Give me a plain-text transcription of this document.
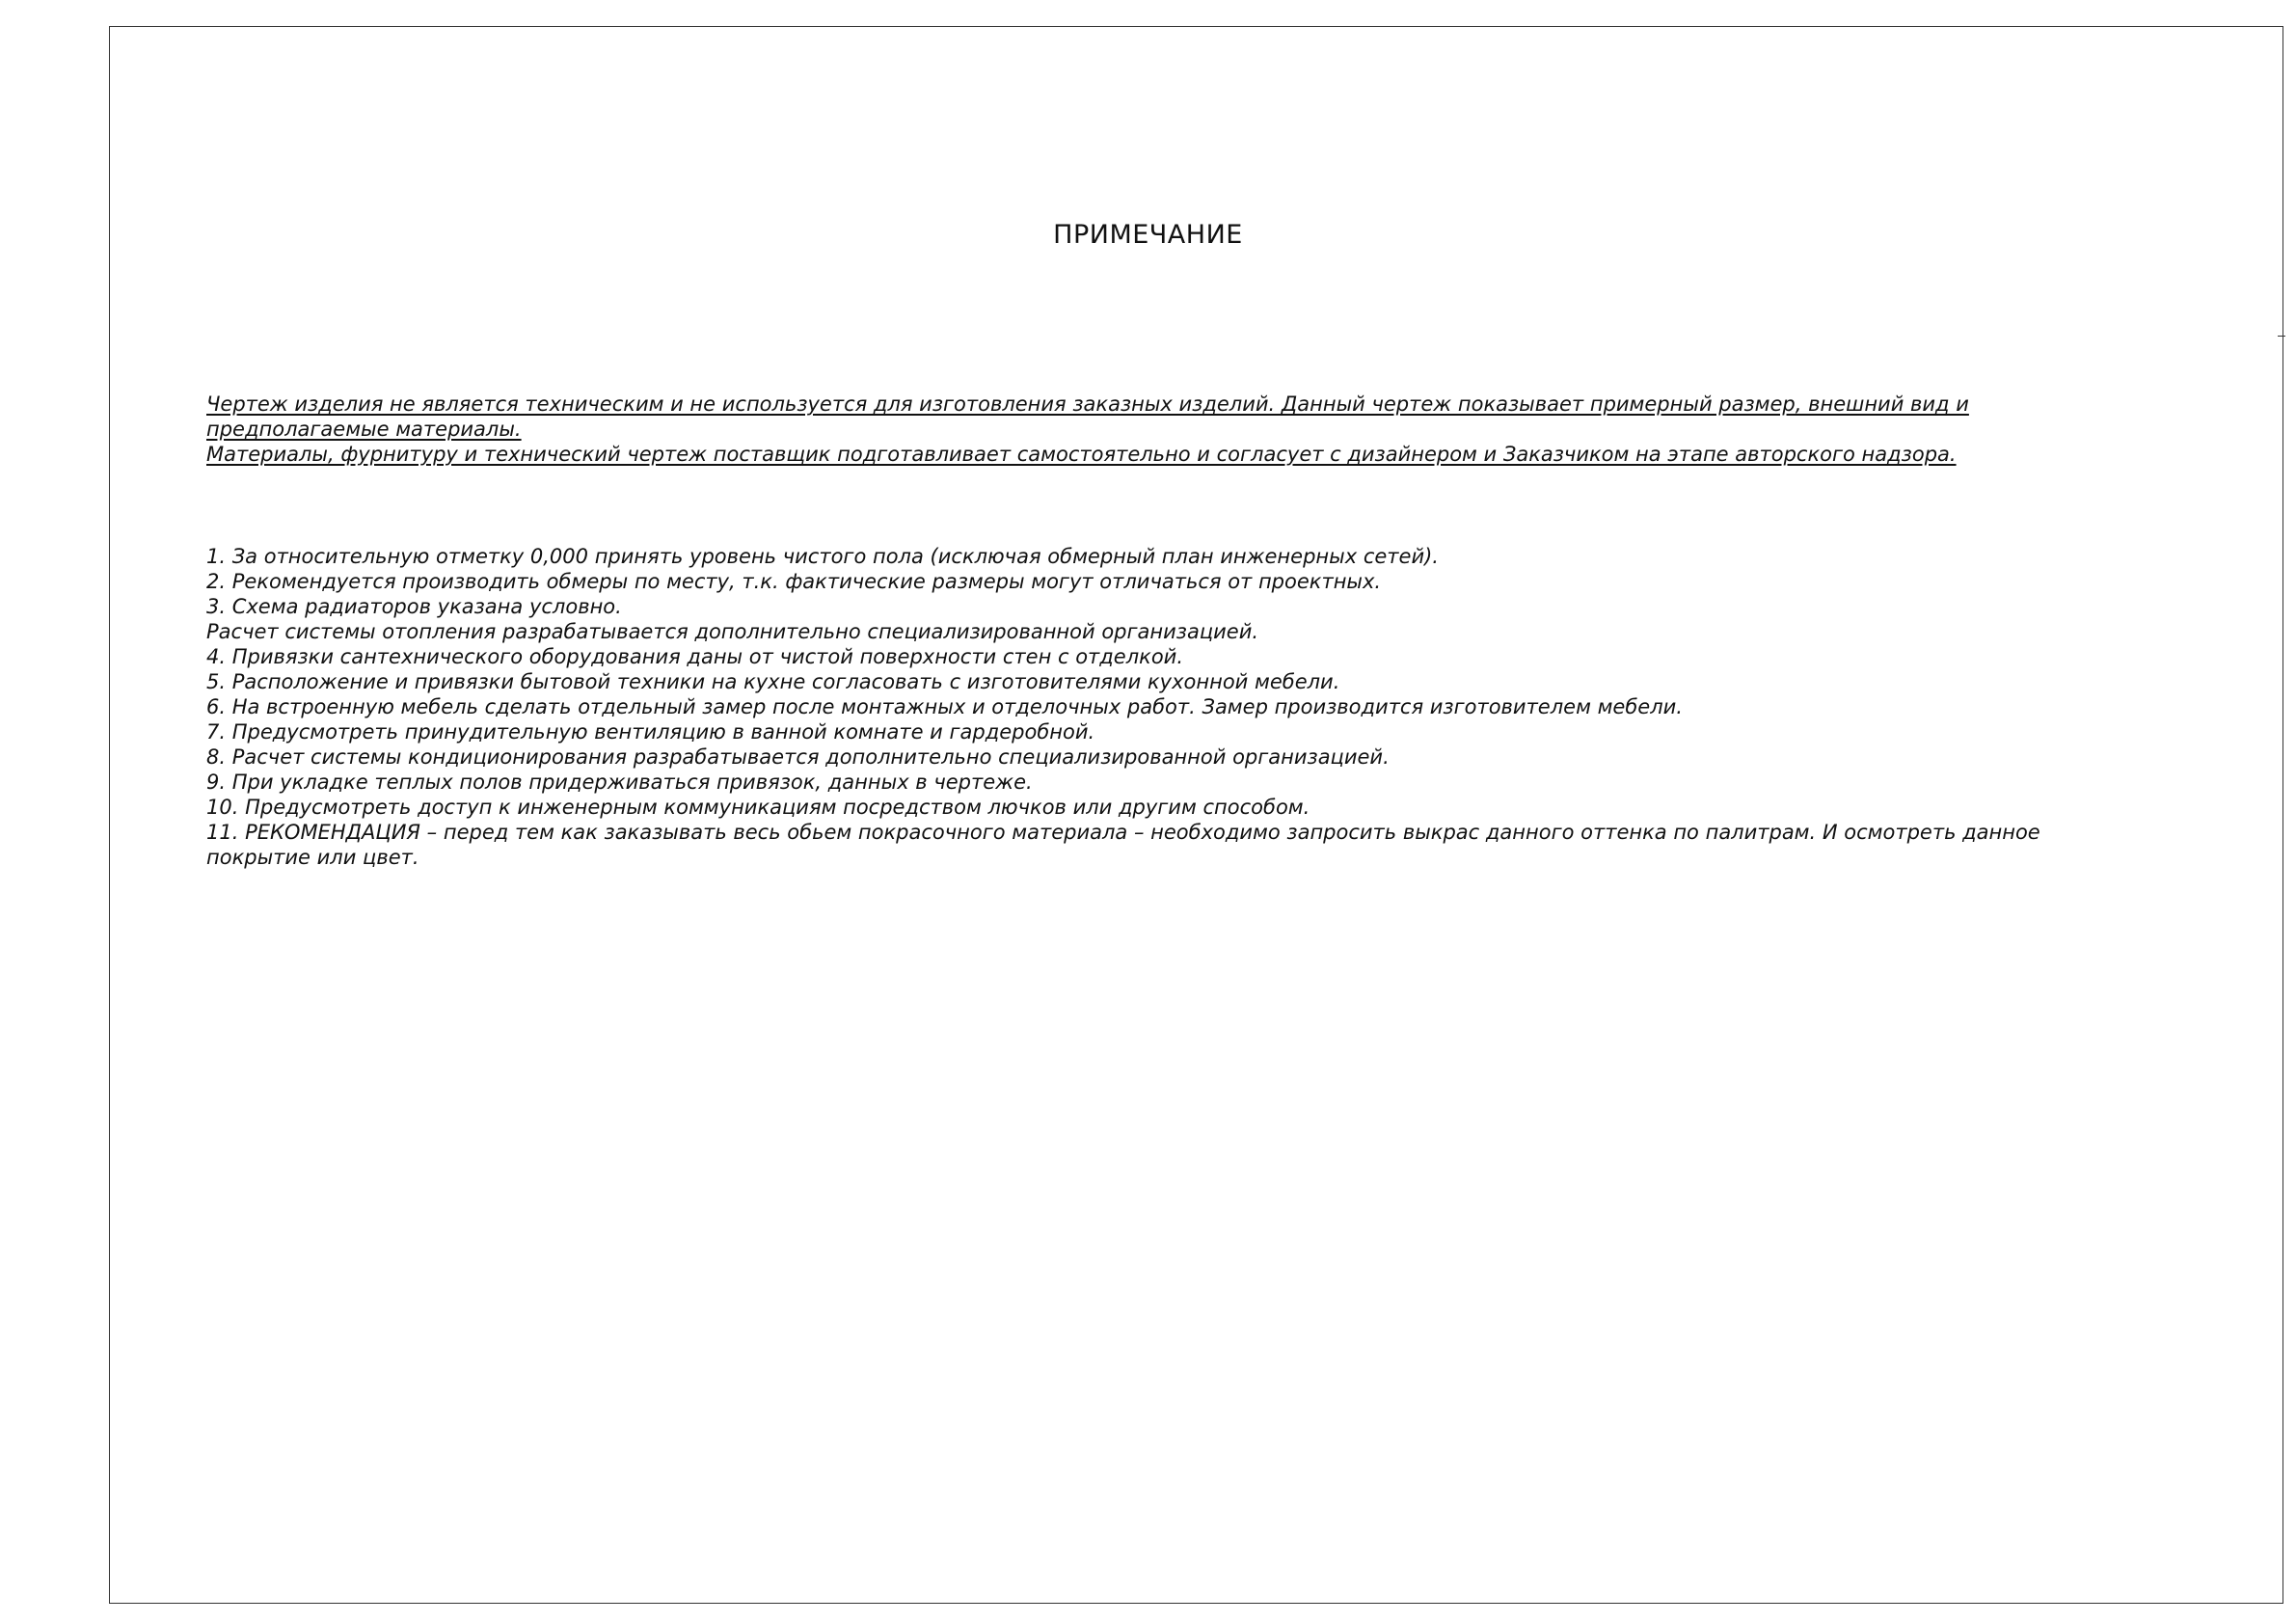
ПРИМЕЧАНИЕ

Чертеж изделия не является техническим и не используется для изготовления заказных изделий. Данный чертеж показывает примерный размер, внешний вид и предполагаемые материалы.

Материалы, фурнитуру и технический чертеж поставщик подготавливает самостоятельно и согласует с дизайнером и Заказчиком на этапе авторского надзора.

1. За относительную отметку 0,000 принять уровень чистого пола (исключая обмерный план инженерных сетей).
2. Рекомендуется производить обмеры по месту, т.к. фактические размеры могут отличаться от проектных.
3. Схема радиаторов указана условно.
Расчет системы отопления разрабатывается дополнительно специализированной организацией.
4. Привязки сантехнического оборудования даны от чистой поверхности стен с отделкой.
5. Расположение и привязки бытовой техники на кухне согласовать с изготовителями кухонной мебели.
6. На встроенную мебель сделать отдельный замер после монтажных и отделочных работ. Замер производится изготовителем мебели.
7. Предусмотреть принудительную вентиляцию в ванной комнате и гардеробной.
8. Расчет системы кондиционирования разрабатывается дополнительно специализированной организацией.
9. При укладке теплых полов придерживаться привязок, данных в чертеже.
10. Предусмотреть доступ к инженерным коммуникациям посредством лючков или другим способом.
11. РЕКОМЕНДАЦИЯ – перед тем как заказывать весь обьем покрасочного материала – необходимо запросить выкрас данного оттенка по палитрам. И осмотреть данное покрытие или цвет.
